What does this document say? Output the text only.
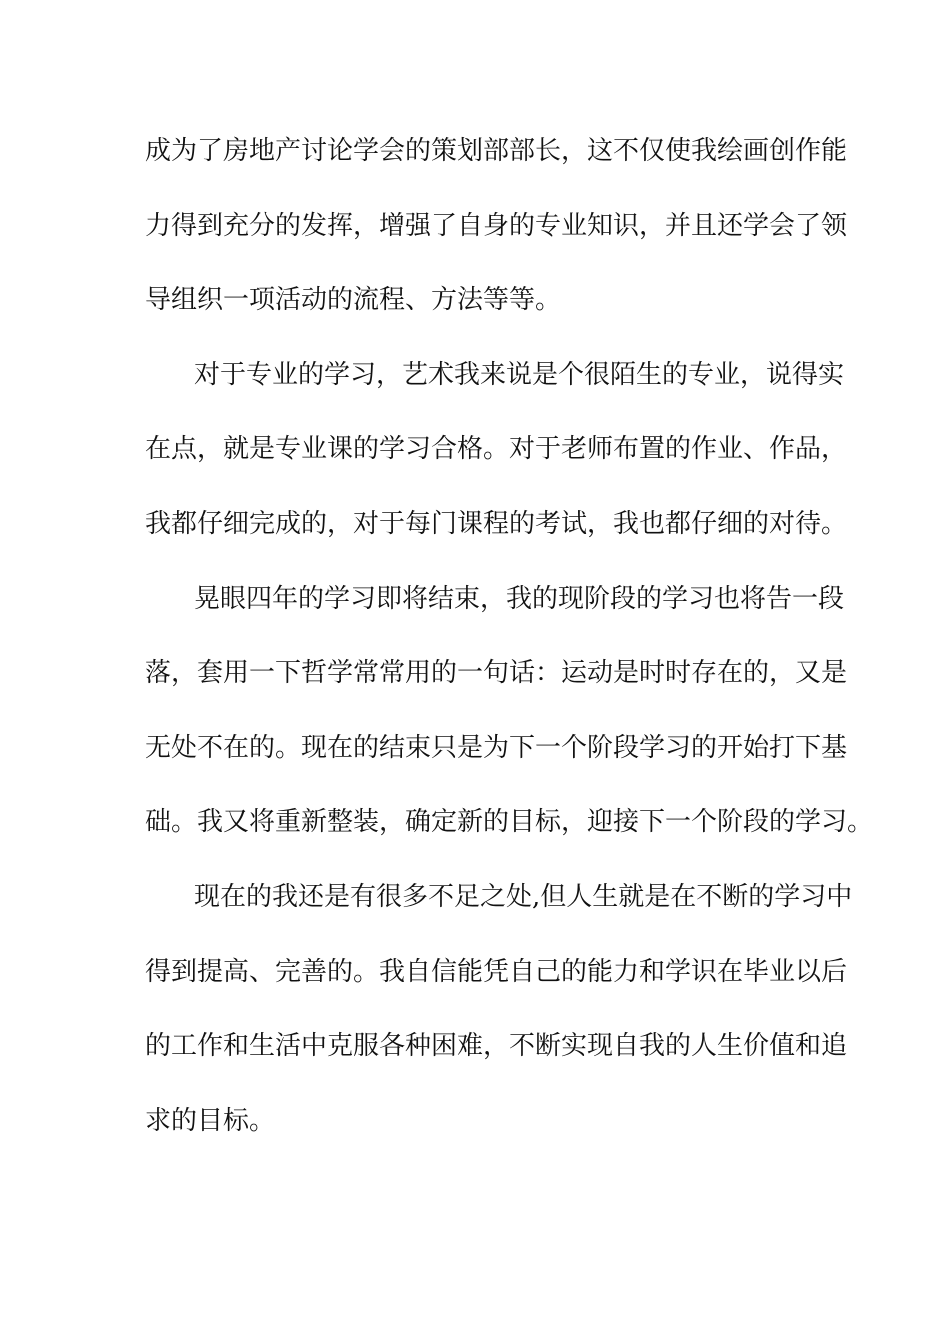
成为了房地产讨论学会的策划部部长，这不仅使我绘画创作能
力得到充分的发挥，增强了自身的专业知识，并且还学会了领
导组织一项活动的流程、方法等等。
对于专业的学习，艺术我来说是个很陌生的专业，说得实
在点，就是专业课的学习合格。对于老师布置的作业、作品，
我都仔细完成的，对于每门课程的考试，我也都仔细的对待。
晃眼四年的学习即将结束，我的现阶段的学习也将告一段
落，套用一下哲学常常用的一句话：运动是时时存在的，又是
无处不在的。现在的结束只是为下一个阶段学习的开始打下基
础。我又将重新整装，确定新的目标，迎接下一个阶段的学习。
现在的我还是有很多不足之处,但人生就是在不断的学习中
得到提高、完善的。我自信能凭自己的能力和学识在毕业以后
的工作和生活中克服各种困难，不断实现自我的人生价值和追
求的目标。
